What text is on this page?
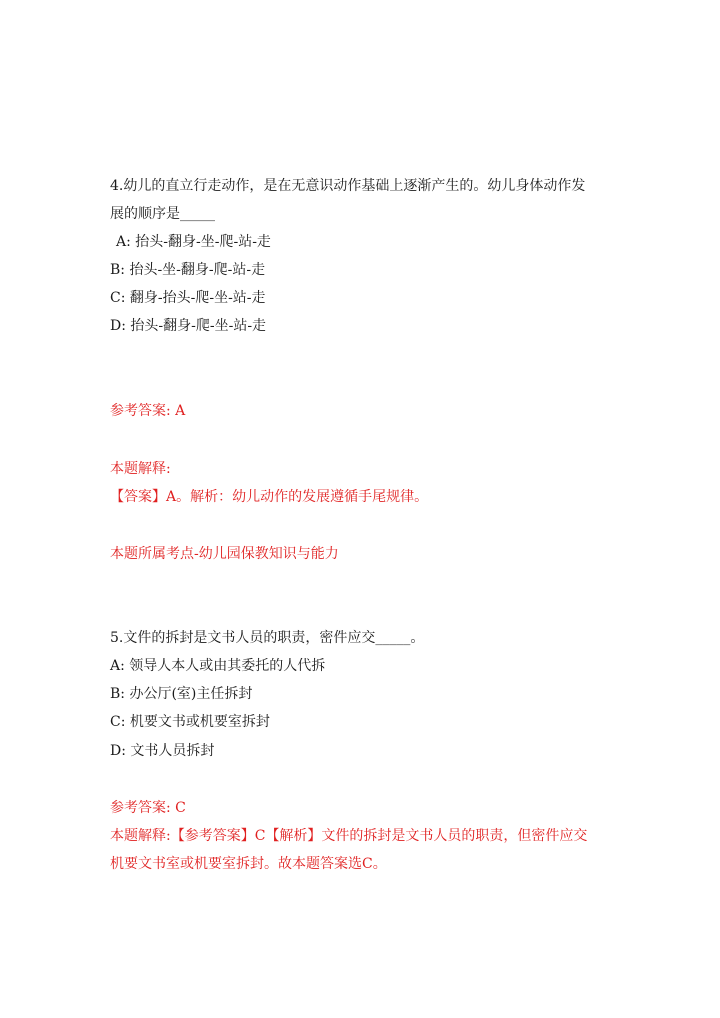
4.幼儿的直立行走动作，是在无意识动作基础上逐渐产生的。幼儿身体动作发
展的顺序是_____
A: 抬头-翻身-坐-爬-站-走
B: 抬头-坐-翻身-爬-站-走
C: 翻身-抬头-爬-坐-站-走
D: 抬头-翻身-爬-坐-站-走
参考答案: A
本题解释:
【答案】A。解析：幼儿动作的发展遵循手尾规律。
本题所属考点-幼儿园保教知识与能力
5.文件的拆封是文书人员的职责，密件应交_____。
A: 领导人本人或由其委托的人代拆
B: 办公厅(室)主任拆封
C: 机要文书或机要室拆封
D: 文书人员拆封
参考答案: C
本题解释:【参考答案】C【解析】文件的拆封是文书人员的职责，但密件应交
机要文书室或机要室拆封。故本题答案选C。
